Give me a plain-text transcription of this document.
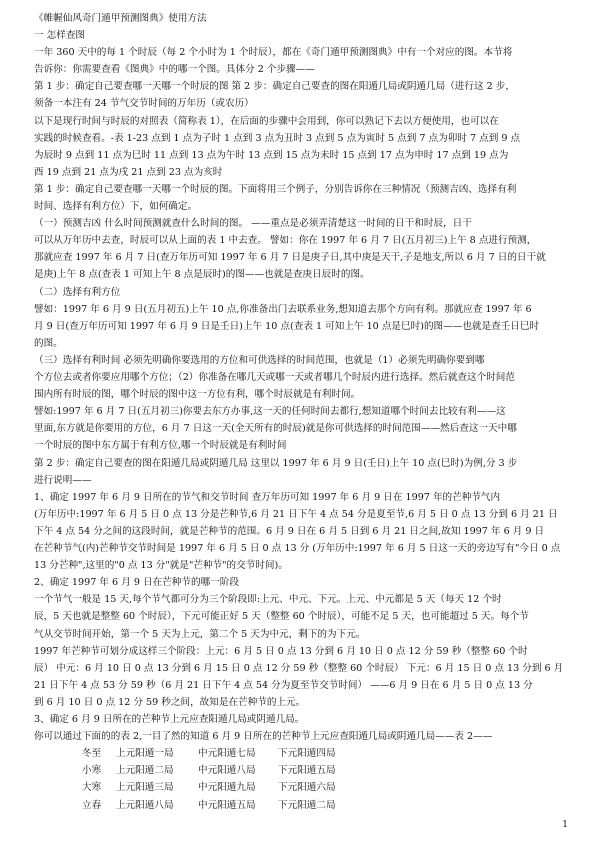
《帷幄仙风奇门遁甲预测图典》使用方法
一 怎样查图
一年 360 天中的每 1 个时辰（每 2 个小时为 1 个时辰），都在《奇门遁甲预测图典》中有一个对应的图。本节将
告诉你：你需要查看《图典》中的哪一个图。具体分 2 个步骤——
第 1 步：确定自己要查哪一天哪一个时辰的图 第 2 步：确定自己要查的图在阳遁几局或阴遁几局（进行这 2 步，
须备一本注有 24 节气交节时间的万年历（或农历）
以下是现行时间与时辰的对照表（简称表 1），在后面的步骤中会用到，你可以熟记下去以方便使用，也可以在
实践的时候查看。-表 1-23 点到 1 点为子时 1 点到 3 点为丑时 3 点到 5 点为寅时 5 点到 7 点为卯时 7 点到 9 点
为辰时 9 点到 11 点为巳时 11 点到 13 点为午时 13 点到 15 点为未时 15 点到 17 点为申时 17 点到 19 点为
酉 19 点到 21 点为戌 21 点到 23 点为亥时
第 1 步：确定自己要查哪一天哪一个时辰的图。下面将用三个例子，分别告诉你在三种情况（预测吉凶、选择有利
时间、选择有利方位）下，如何确定。
（一）预测吉凶 什么时间预测就查什么时间的图。 ——重点是必须弄清楚这一时间的日干和时辰，日干
可以从万年历中去查，时辰可以从上面的表 1 中去查。 譬如：你在 1997 年 6 月 7 日(五月初三)上午 8 点进行预测，
那就应查 1997 年 6 月 7 日(查万年历可知 1997 年 6 月 7 日是庚子日,其中庚是天干,子是地支,所以 6 月 7 日的日干就
是庚)上午 8 点(查表 1 可知上午 8 点是辰时)的图——也就是查庚日辰时的图。
（二）选择有利方位
譬如：1997 年 6 月 9 日(五月初五)上午 10 点,你准备出门去联系业务,想知道去那个方向有利。那就应查 1997 年 6
月 9 日(查万年历可知 1997 年 6 月 9 日是壬日)上午 10 点(查表 1 可知上午 10 点是巳时)的图——也就是查壬日巳时
的图。
（三）选择有利时间 必须先明确你要选用的方位和可供选择的时间范围，也就是（1）必须先明确你要到哪
个方位去或者你要应用哪个方位；（2）你准备在哪几天或哪一天或者哪几个时辰内进行选择。然后就查这个时间范
围内所有时辰的图，哪个时辰的图中这一方位有利，哪个时辰就是有利时间。
譬如:1997 年 6 月 7 日(五月初三)你要去东方办事,这一天的任何时间去都行,想知道哪个时间去比较有利——这
里面,东方就是你要用的方位，6 月 7 日这一天(全天所有的时辰)就是你可供选择的时间范围——然后查这一天中哪
一个时辰的图中东方属于有利方位,哪一个时辰就是有利时间
第 2 步：确定自己要查的图在阳遁几局或阴遁几局 这里以 1997 年 6 月 9 日(壬日)上午 10 点(巳时)为例,分 3 步
进行说明——
1、确定 1997 年 6 月 9 日所在的节气和交节时间 查万年历可知 1997 年 6 月 9 日在 1997 年的芒种节气内
(万年历中:1997 年 6 月 5 日 0 点 13 分是芒种节,6 月 21 日下午 4 点 54 分是夏至节,6 月 5 日 0 点 13 分到 6 月 21 日
下午 4 点 54 分之间的这段时间，就是芒种节的范围。6 月 9 日在 6 月 5 日到 6 月 21 日之间,故知 1997 年 6 月 9 日
在芒种节气(内)芒种节交节时间是 1997 年 6 月 5 日 0 点 13 分 (万年历中:1997 年 6 月 5 日这一天的旁边写有"今日 0 点
13 分芒种",这里的"0 点 13 分"就是"芒种节"的交节时间)。
2、确定 1997 年 6 月 9 日在芒种节的哪一阶段
一个节气一般是 15 天,每个节气都可分为三个阶段即:上元、中元、下元。上元、中元都是 5 天（每天 12 个时
辰，5 天也就是整整 60 个时辰），下元可能正好 5 天（整整 60 个时辰），可能不足 5 天，也可能超过 5 天。每个节
气从交节时间开始，第一个 5 天为上元，第二个 5 天为中元，剩下的为下元。
1997 年芒种节可划分成这样三个阶段：上元：6 月 5 日 0 点 13 分到 6 月 10 日 0 点 12 分 59 秒（整整 60 个时
辰） 中元：6 月 10 日 0 点 13 分到 6 月 15 日 0 点 12 分 59 秒（整整 60 个时辰） 下元：6 月 15 日 0 点 13 分到 6 月
21 日下午 4 点 53 分 59 秒（6 月 21 日下午 4 点 54 分为夏至节交节时间） ——6 月 9 日在 6 月 5 日 0 点 13 分
到 6 月 10 日 0 点 12 分 59 秒之间，故知是在芒种节的上元。
3、确定 6 月 9 日所在的芒种节上元应查阳遁几局或阴遁几局。
你可以通过下面的的表 2,一目了然的知道 6 月 9 日所在的芒种节上元应查阳遁几局或阴遁几局——表 2——
冬至 上元阳遁一局	中元阳遁七局 下元阳遁四局
小寒 上元阳遁二局	中元阳遁八局 下元阳遁五局
大寒 上元阳遁三局	中元阳遁九局 下元阳遁六局
立春 上元阳遁八局	中元阳遁五局 下元阳遁二局
1
